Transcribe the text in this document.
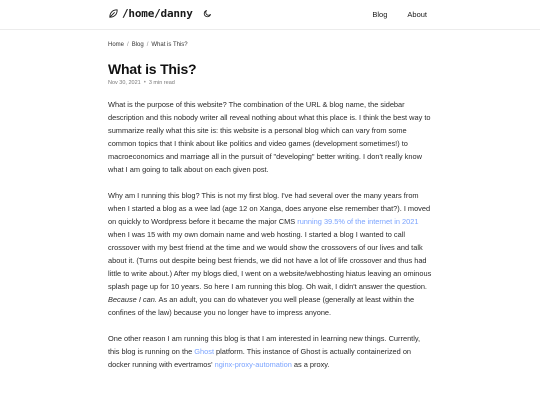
/home/danny	Blog	About
Home / Blog / What is This?
What is This?
Nov 30, 2021 • 3 min read

What is the purpose of this website? The combination of the URL & blog name, the sidebar description and this nobody writer all reveal nothing about what this place is. I think the best way to summarize really what this site is: this website is a personal blog which can vary from some common topics that I think about like politics and video games (development sometimes!) to macroeconomics and marriage all in the pursuit of "developing" better writing. I don't really know what I am going to talk about on each given post.

Why am I running this blog? This is not my first blog. I've had several over the many years from when I started a blog as a wee lad (age 12 on Xanga, does anyone else remember that?). I moved on quickly to Wordpress before it became the major CMS running 39.5% of the internet in 2021 when I was 15 with my own domain name and web hosting. I started a blog I wanted to call crossover with my best friend at the time and we would show the crossovers of our lives and talk about it. (Turns out despite being best friends, we did not have a lot of life crossover and thus had little to write about.) After my blogs died, I went on a website/webhosting hiatus leaving an ominous splash page up for 10 years. So here I am running this blog. Oh wait, I didn't answer the question. Because I can. As an adult, you can do whatever you well please (generally at least within the confines of the law) because you no longer have to impress anyone.

One other reason I am running this blog is that I am interested in learning new things. Currently, this blog is running on the Ghost platform. This instance of Ghost is actually containerized on docker running with evertramos' nginx-proxy-automation as a proxy.
